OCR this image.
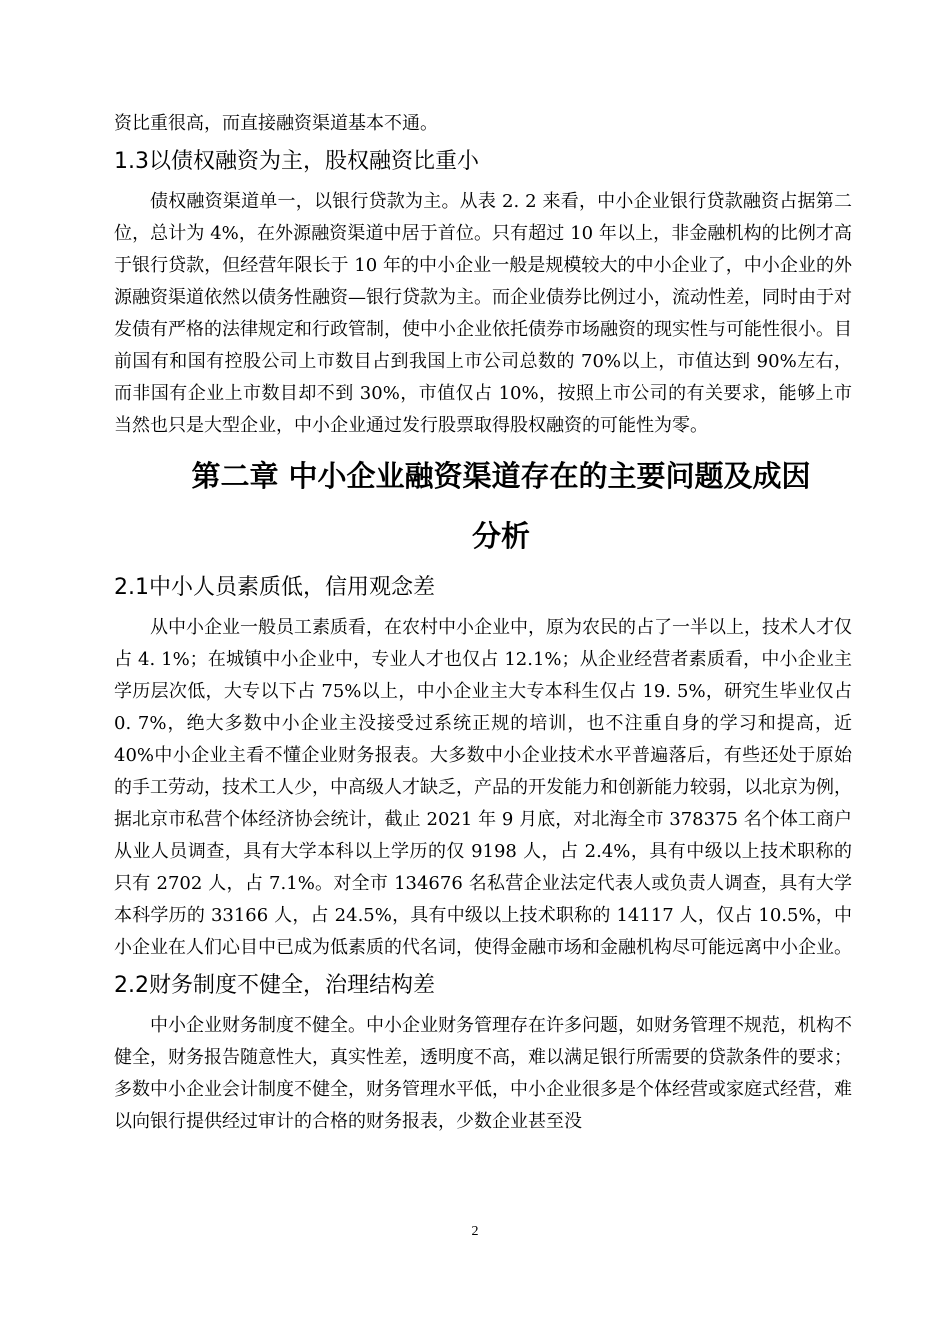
资比重很高，而直接融资渠道基本不通。

1.3以债权融资为主，股权融资比重小

债权融资渠道单一，以银行贷款为主。从表 2. 2 来看，中小企业银行贷款融资占据第二位，总计为 4%，在外源融资渠道中居于首位。只有超过 10 年以上，非金融机构的比例才高于银行贷款，但经营年限长于 10 年的中小企业一般是规模较大的中小企业了，中小企业的外源融资渠道依然以债务性融资—银行贷款为主。而企业债券比例过小，流动性差，同时由于对发债有严格的法律规定和行政管制，使中小企业依托债券市场融资的现实性与可能性很小。目前国有和国有控股公司上市数目占到我国上市公司总数的 70%以上，市值达到 90%左右，而非国有企业上市数目却不到 30%，市值仅占 10%，按照上市公司的有关要求，能够上市当然也只是大型企业，中小企业通过发行股票取得股权融资的可能性为零。

第二章 中小企业融资渠道存在的主要问题及成因
分析
2.1中小人员素质低，信用观念差

从中小企业一般员工素质看，在农村中小企业中，原为农民的占了一半以上，技术人才仅占 4. 1%；在城镇中小企业中，专业人才也仅占 12.1%；从企业经营者素质看，中小企业主学历层次低，大专以下占 75%以上，中小企业主大专本科生仅占 19. 5%，研究生毕业仅占 0. 7%，绝大多数中小企业主没接受过系统正规的培训，也不注重自身的学习和提高，近 40%中小企业主看不懂企业财务报表。大多数中小企业技术水平普遍落后，有些还处于原始的手工劳动，技术工人少，中高级人才缺乏，产品的开发能力和创新能力较弱，以北京为例，据北京市私营个体经济协会统计，截止 2021 年 9 月底，对北海全市 378375 名个体工商户从业人员调查，具有大学本科以上学历的仅 9198 人，占 2.4%，具有中级以上技术职称的只有 2702 人，占 7.1%。对全市 134676 名私营企业法定代表人或负责人调查，具有大学本科学历的 33166 人，占 24.5%，具有中级以上技术职称的 14117 人，仅占 10.5%，中小企业在人们心目中已成为低素质的代名词，使得金融市场和金融机构尽可能远离中小企业。

2.2财务制度不健全，治理结构差

中小企业财务制度不健全。中小企业财务管理存在许多问题，如财务管理不规范，机构不健全，财务报告随意性大，真实性差，透明度不高，难以满足银行所需要的贷款条件的要求；多数中小企业会计制度不健全，财务管理水平低，中小企业很多是个体经营或家庭式经营，难以向银行提供经过审计的合格的财务报表，少数企业甚至没

2
